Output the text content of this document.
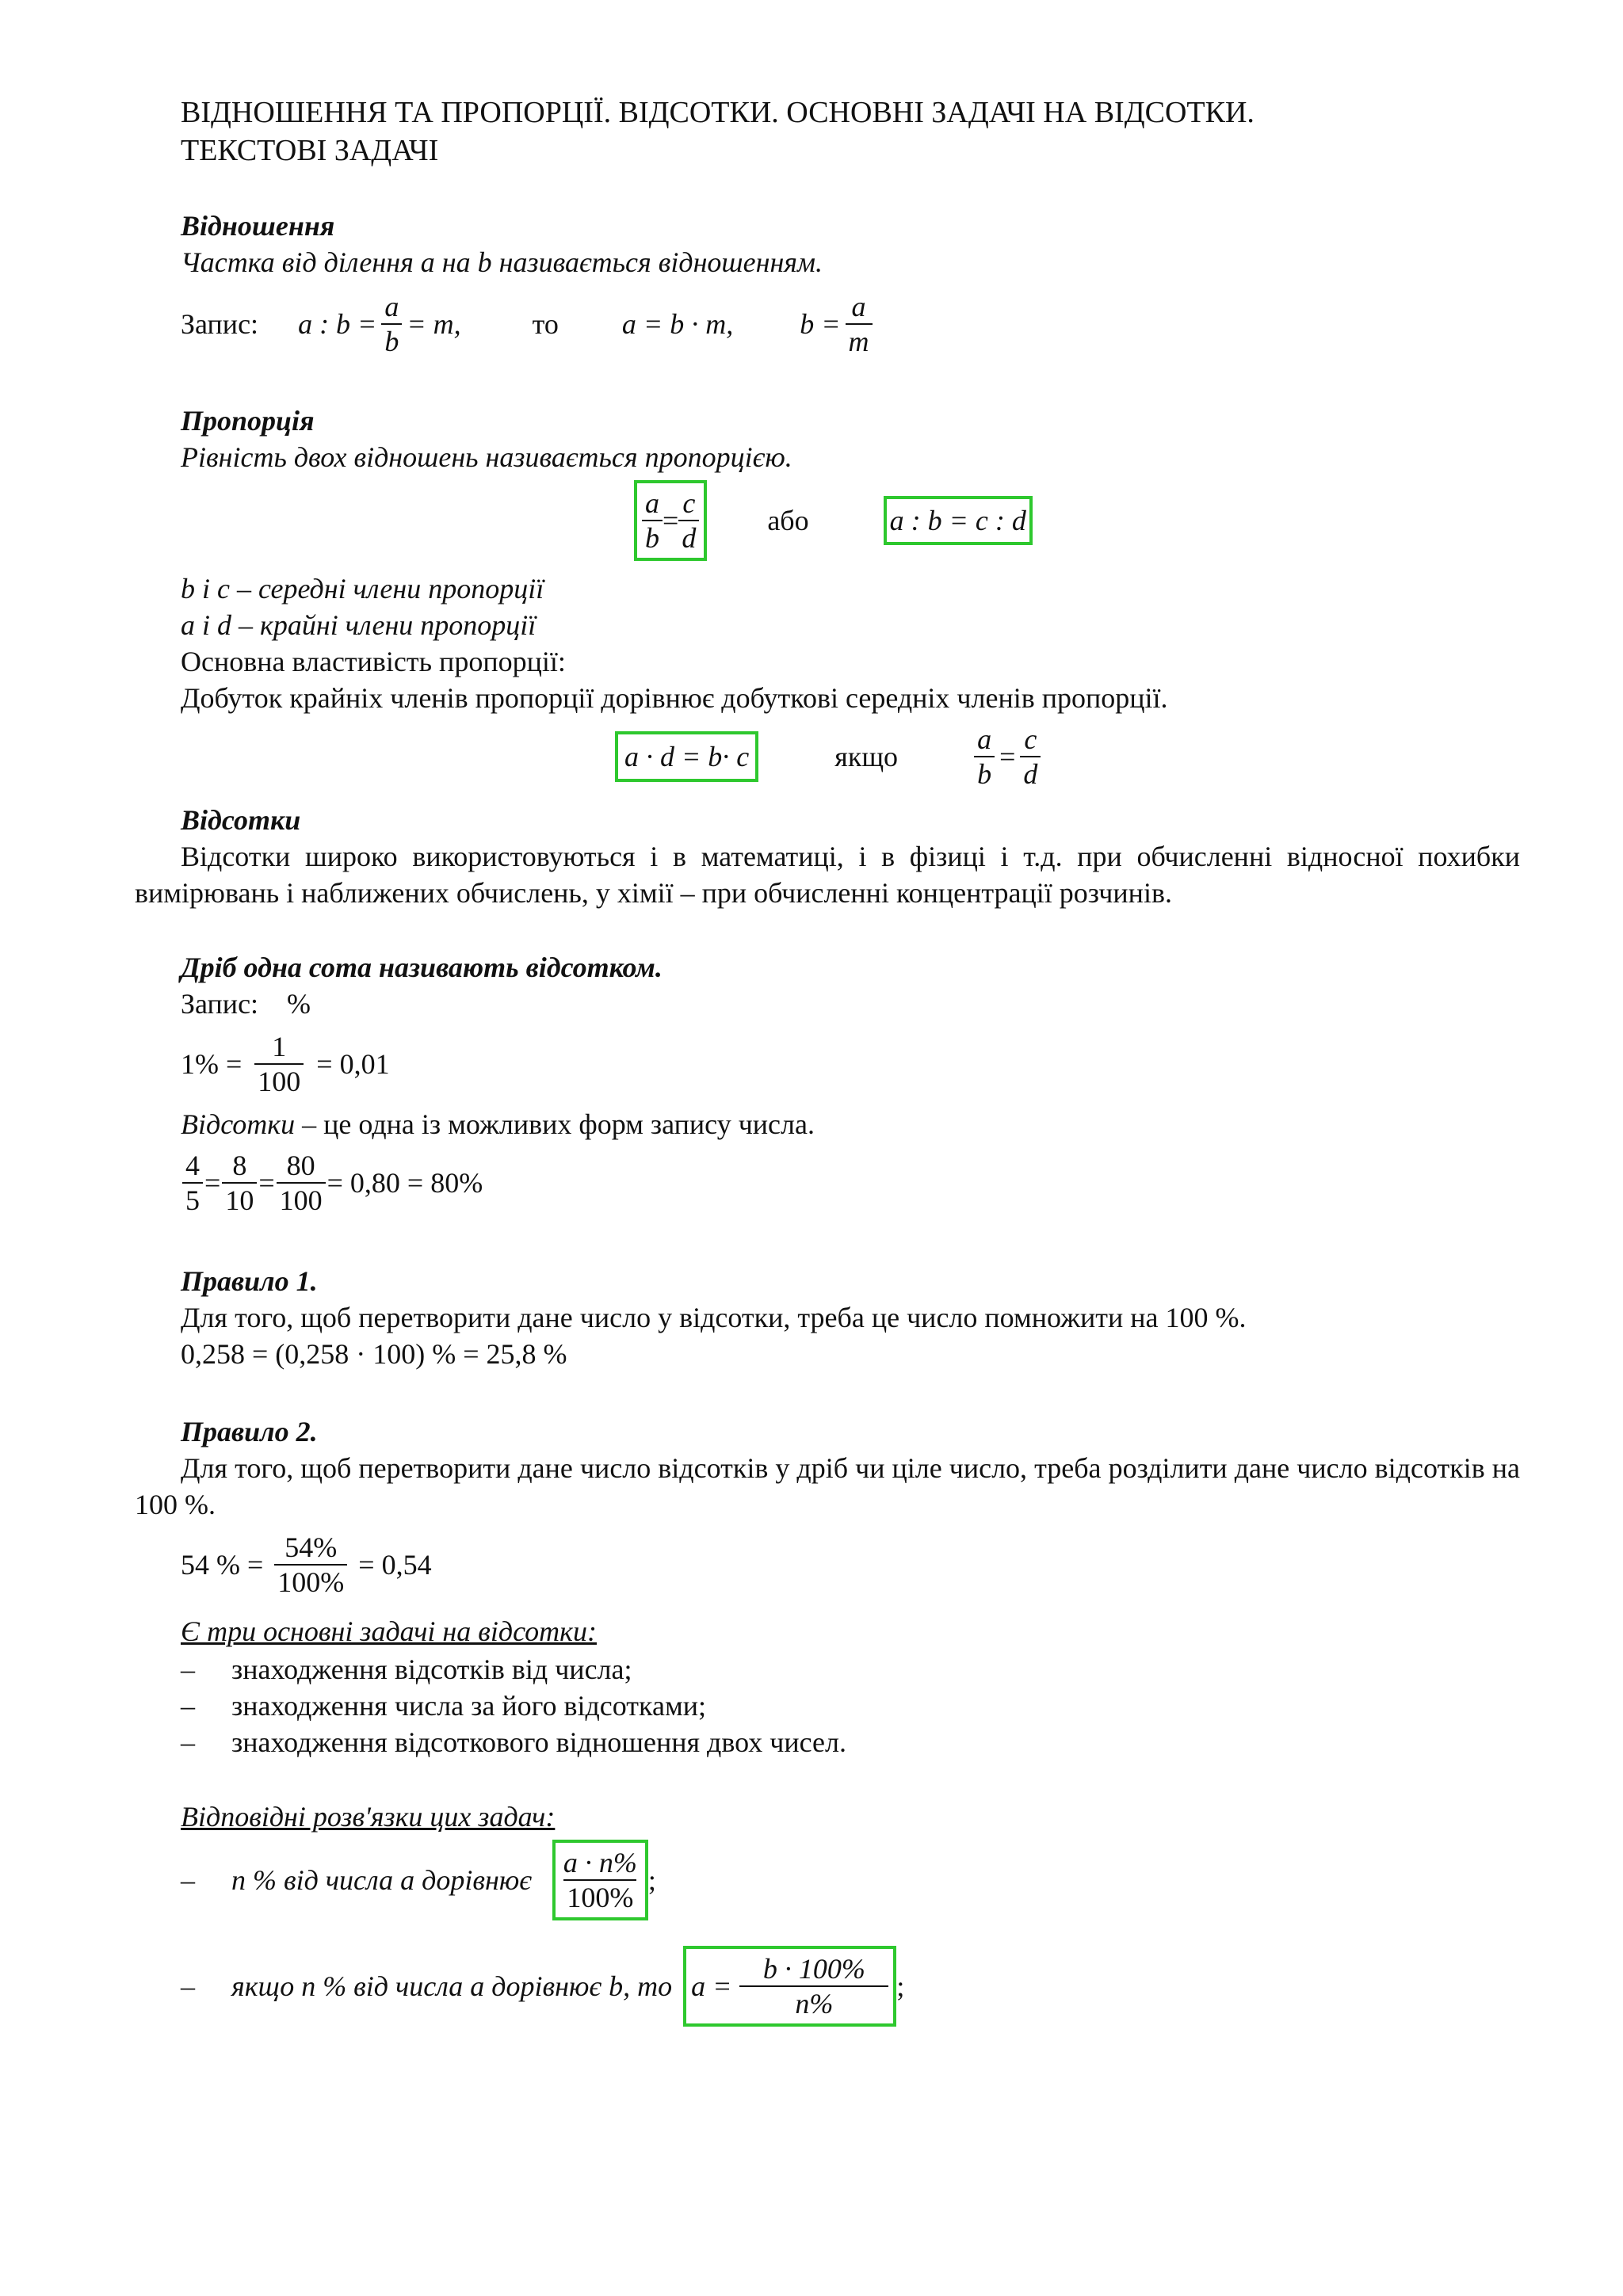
ВІДНОШЕННЯ ТА ПРОПОРЦІЇ. ВІДСОТКИ. ОСНОВНІ ЗАДАЧІ НА ВІДСОТКИ.
ТЕКСТОВІ ЗАДАЧІ
Відношення
Частка від ділення a на b називається відношенням.
Запис: a : $b = \frac{a}{b} = m$,	то a = b · m, $b = \frac{a}{m}$
Пропорція
Рівність двох відношень називається пропорцією.
$\frac{a}{b} = \frac{c}{d}$ або	a : b = c : d
b і c – середні члени пропорції
a і d – крайні члени пропорції
Основна властивість пропорції:
Добуток крайніх членів пропорції дорівнює добуткові середніх членів пропорції.
a · d = b· c	якщо	$\frac{a}{b} = \frac{c}{d}$
Відсотки
Відсотки широко використовуються і в математиці, і в фізиці і т.д. при обчисленні відносної похибки вимірювань і наближених обчислень, у хімії – при обчисленні концентрації розчинів.
Дріб одна сота називають відсотком.
Запис:    %
$1\% = \frac{1}{100} = 0,01$
Відсотки – це одна із можливих форм запису числа.
$\frac{4}{5} = \frac{8}{10} = \frac{80}{100} = 0,80 = 80\%$
Правило 1.
Для того, щоб перетворити дане число у відсотки, треба це число помножити на 100 %.
0,258 = (0,258 · 100) % = 25,8 %
Правило 2.
Для того, щоб перетворити дане число відсотків у дріб чи ціле число, треба розділити дане число відсотків на 100 %.
54 % = $\frac{54\%}{100\%} = 0,54$
Є три основні задачі на відсотки:
– знаходження відсотків від числа;
– знаходження числа за його відсотками;
– знаходження відсоткового відношення двох чисел.
Відповідні розв'язки цих задач:
–	n % від числа a дорівнює $\frac{a \cdot n\%}{100\%}$ ;
–	якщо n % від числа a дорівнює b, то $a = \frac{b \cdot 100\%}{n\%}$ ;
